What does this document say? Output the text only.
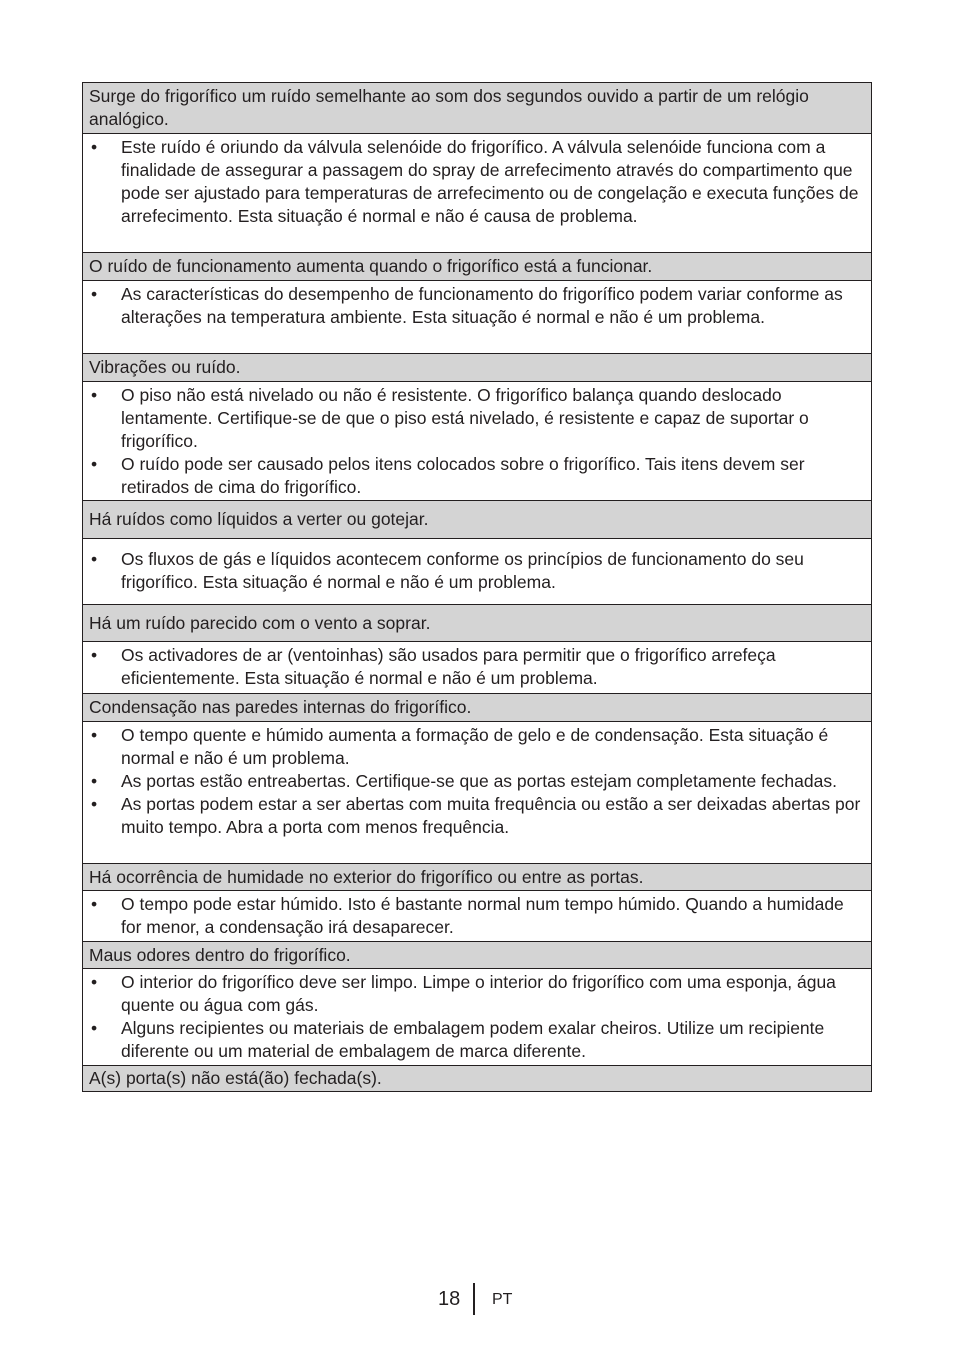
Surge do frigorífico um ruído semelhante ao som dos segundos ouvido a partir de um relógio analógico.
• Este ruído é oriundo da válvula selenóide do frigorífico. A válvula selenóide funciona com a finalidade de assegurar a passagem do spray de arrefecimento através do compartimento que pode ser ajustado para temperaturas de arrefecimento ou de congelação e executa funções de arrefecimento. Esta situação é normal e não é causa de problema.
O ruído de funcionamento aumenta quando o frigorífico está a funcionar.
• As características do desempenho de funcionamento do frigorífico podem variar conforme as alterações na temperatura ambiente. Esta situação é normal e não é um problema.
Vibrações ou ruído.
• O piso não está nivelado ou não é resistente. O frigorífico balança quando deslocado lentamente. Certifique-se de que o piso está nivelado, é resistente e capaz de suportar o frigorífico.
• O ruído pode ser causado pelos itens colocados sobre o frigorífico. Tais itens devem ser retirados de cima do frigorífico.
Há ruídos como líquidos a verter ou gotejar.
• Os fluxos de gás e líquidos acontecem conforme os princípios de funcionamento do seu frigorífico. Esta situação é normal e não é um problema.
Há um ruído parecido com o vento a soprar.
• Os activadores de ar (ventoinhas) são usados para permitir que o frigorífico arrefeça eficientemente. Esta situação é normal e não é um problema.
Condensação nas paredes internas do frigorífico.
• O tempo quente e húmido aumenta a formação de gelo e de condensação. Esta situação é normal e não é um problema.
• As portas estão entreabertas. Certifique-se que as portas estejam completamente fechadas.
• As portas podem estar a ser abertas com muita frequência ou estão a ser deixadas abertas por muito tempo. Abra a porta com menos frequência.
Há ocorrência de humidade no exterior do frigorífico ou entre as portas.
• O tempo pode estar húmido. Isto é bastante normal num tempo húmido. Quando a humidade for menor, a condensação irá desaparecer.
Maus odores dentro do frigorífico.
• O interior do frigorífico deve ser limpo. Limpe o interior do frigorífico com uma esponja, água quente ou água com gás.
• Alguns recipientes ou materiais de embalagem podem exalar cheiros. Utilize um recipiente diferente ou um material de embalagem de marca diferente.
A(s) porta(s) não está(ão) fechada(s).
18 PT
